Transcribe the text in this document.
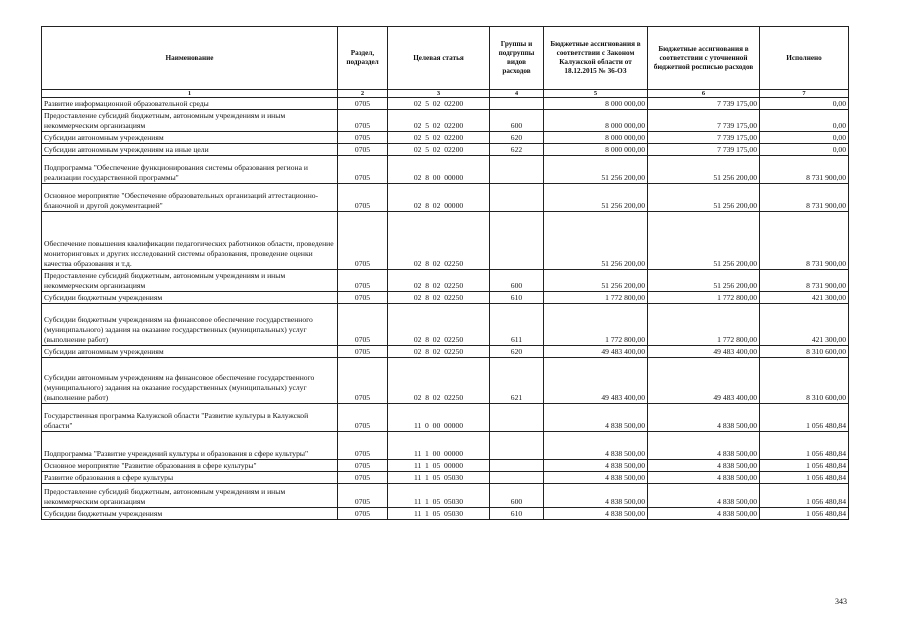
Наименование	Раздел, подраздел	Целевая статья	Группы и подгруппы видов расходов	Бюджетные ассигнования в соответствии с Законом Калужской области от 18.12.2015 № 36-ОЗ	Бюджетные ассигнования в соответствии с уточненной бюджетной росписью расходов	Исполнено
1	2	3	4	5	6	7
Развитие информационной образовательной среды	0705	02  5  02  02200		8 000 000,00	7 739 175,00	0,00
Предоставление субсидий бюджетным, автономным учреждениям и иным некоммерческим организациям	0705	02  5  02  02200	600	8 000 000,00	7 739 175,00	0,00
Субсидии автономным учреждениям	0705	02  5  02  02200	620	8 000 000,00	7 739 175,00	0,00
Субсидии автономным учреждениям на иные цели	0705	02  5  02  02200	622	8 000 000,00	7 739 175,00	0,00
Подпрограмма "Обеспечение функционирования системы образования региона и реализации государственной программы"	0705	02  8  00  00000		51 256 200,00	51 256 200,00	8 731 900,00
Основное мероприятие "Обеспечение образовательных организаций аттестационно-бланочной и другой документацией"	0705	02  8  02  00000		51 256 200,00	51 256 200,00	8 731 900,00
Обеспечение повышения квалификации педагогических работников области, проведение мониторинговых и других исследований системы образования, проведение оценки качества образования и т.д.	0705	02  8  02  02250		51 256 200,00	51 256 200,00	8 731 900,00
Предоставление субсидий бюджетным, автономным учреждениям и иным некоммерческим организациям	0705	02  8  02  02250	600	51 256 200,00	51 256 200,00	8 731 900,00
Субсидии бюджетным учреждениям	0705	02  8  02  02250	610	1 772 800,00	1 772 800,00	421 300,00
Субсидии бюджетным учреждениям на финансовое обеспечение государственного (муниципального) задания на оказание государственных (муниципальных) услуг (выполнение работ)	0705	02  8  02  02250	611	1 772 800,00	1 772 800,00	421 300,00
Субсидии автономным учреждениям	0705	02  8  02  02250	620	49 483 400,00	49 483 400,00	8 310 600,00
Субсидии автономным учреждениям на финансовое обеспечение государственного (муниципального) задания на оказание государственных (муниципальных) услуг (выполнение работ)	0705	02  8  02  02250	621	49 483 400,00	49 483 400,00	8 310 600,00
Государственная программа Калужской области "Развитие культуры в Калужской области"	0705	11  0  00  00000		4 838 500,00	4 838 500,00	1 056 480,84
Подпрограмма "Развитие учреждений культуры и образования в сфере культуры"	0705	11  1  00  00000		4 838 500,00	4 838 500,00	1 056 480,84
Основное мероприятие "Развитие образования в сфере культуры"	0705	11  1  05  00000		4 838 500,00	4 838 500,00	1 056 480,84
Развитие образования в сфере культуры	0705	11  1  05  05030		4 838 500,00	4 838 500,00	1 056 480,84
Предоставление субсидий бюджетным, автономным учреждениям и иным некоммерческим организациям	0705	11  1  05  05030	600	4 838 500,00	4 838 500,00	1 056 480,84
Субсидии бюджетным учреждениям	0705	11  1  05  05030	610	4 838 500,00	4 838 500,00	1 056 480,84
343
